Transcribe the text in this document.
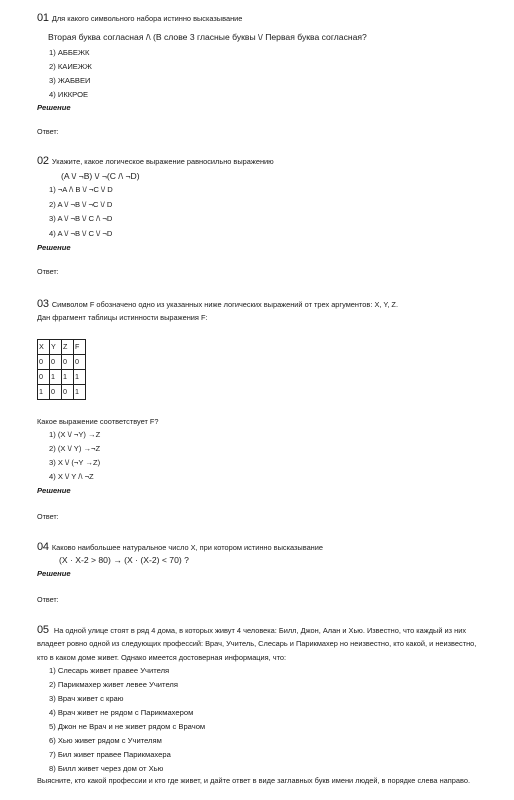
01 Для какого символьного набора истинно высказывание
Вторая буква согласная /\ (В слове 3 гласные буквы \/ Первая буква согласная?
1) АББЕЖК
2) КАИЕЖЖ
3) ЖАБВЕИ
4) ИККРОЕ
Решение
Ответ:
02 Укажите, какое логическое выражение равносильно выражению
(A \/ ¬B) \/ ¬(C /\ ¬D)
1) ¬A /\ B \/ ¬C \/ D
2) A \/ ¬B \/ ¬C \/ D
3) A \/ ¬B \/ C /\ ¬D
4) A \/ ¬B \/ C \/ ¬D
Решение
Ответ:
03 Символом F обозначено одно из указанных ниже логических выражений от трех аргументов: X, Y, Z.
Дан фрагмент таблицы истинности выражения F:
X	Y	Z	F
0	0	0	0
0	1	1	1
1	0	0	1
Какое выражение соответствует F?
1) (X \/ ¬Y) →Z
2) (X \/ Y) →¬Z
3) X \/ (¬Y →Z)
4) X \/ Y /\ ¬Z
Решение
Ответ:
04 Каково наибольшее натуральное число X, при котором истинно высказывание
(X · X-2 > 80) → (X · (X-2) < 70) ?
Решение
Ответ:
05 На одной улице стоят в ряд 4 дома, в которых живут 4 человека: Билл, Джон, Алан и Хью. Известно, что каждый из них владеет ровно одной из следующих профессий: Врач, Учитель, Слесарь и Парикмахер но неизвестно, кто какой, и неизвестно, кто в каком доме живет. Однако имеется достоверная информация, что:
1) Слесарь живет правее Учителя
2) Парикмахер живет левее Учителя
3) Врач живет с краю
4) Врач живет не рядом с Парикмахером
5) Джон не Врач и не живет рядом с Врачом
6) Хью живет рядом с Учителям
7) Бил живет правее Парикмахера
8) Билл живет через дом от Хью
Выясните, кто какой профессии и кто где живет, и дайте ответ в виде заглавных букв имени людей, в порядке слева направо.
